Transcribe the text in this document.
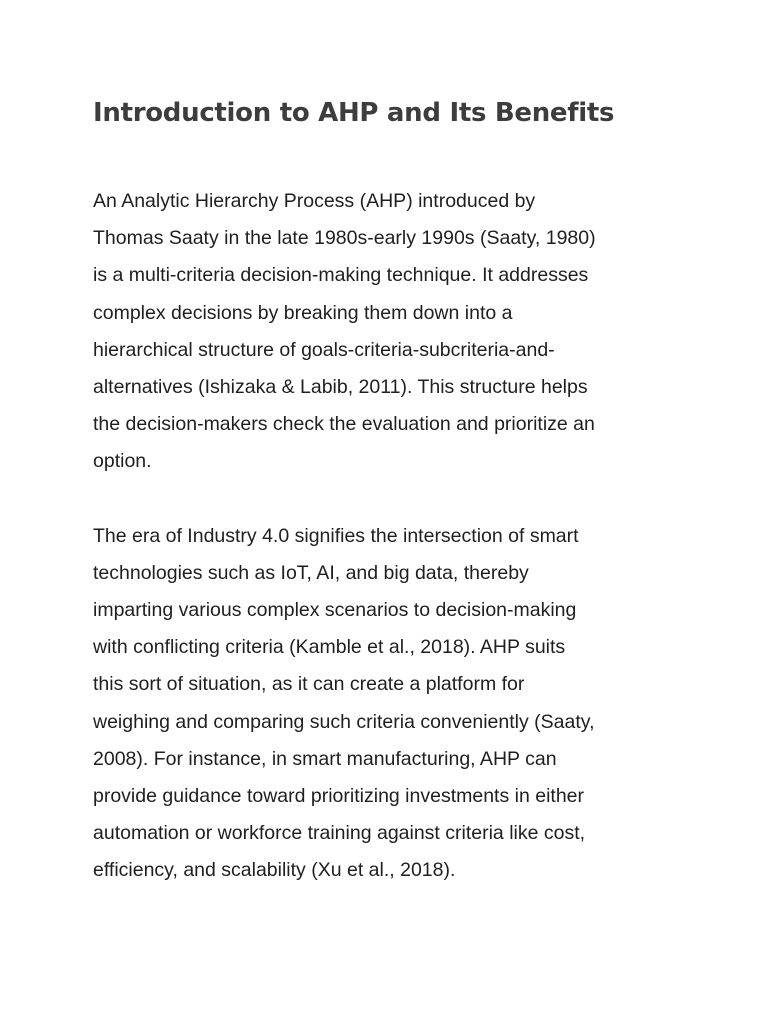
Introduction to AHP and Its Benefits

An Analytic Hierarchy Process (AHP) introduced by
Thomas Saaty in the late 1980s-early 1990s (Saaty, 1980)
is a multi-criteria decision-making technique. It addresses
complex decisions by breaking them down into a
hierarchical structure of goals-criteria-subcriteria-and-
alternatives (Ishizaka & Labib, 2011). This structure helps
the decision-makers check the evaluation and prioritize an
option.

The era of Industry 4.0 signifies the intersection of smart
technologies such as IoT, AI, and big data, thereby
imparting various complex scenarios to decision-making
with conflicting criteria (Kamble et al., 2018). AHP suits
this sort of situation, as it can create a platform for
weighing and comparing such criteria conveniently (Saaty,
2008). For instance, in smart manufacturing, AHP can
provide guidance toward prioritizing investments in either
automation or workforce training against criteria like cost,
efficiency, and scalability (Xu et al., 2018).
